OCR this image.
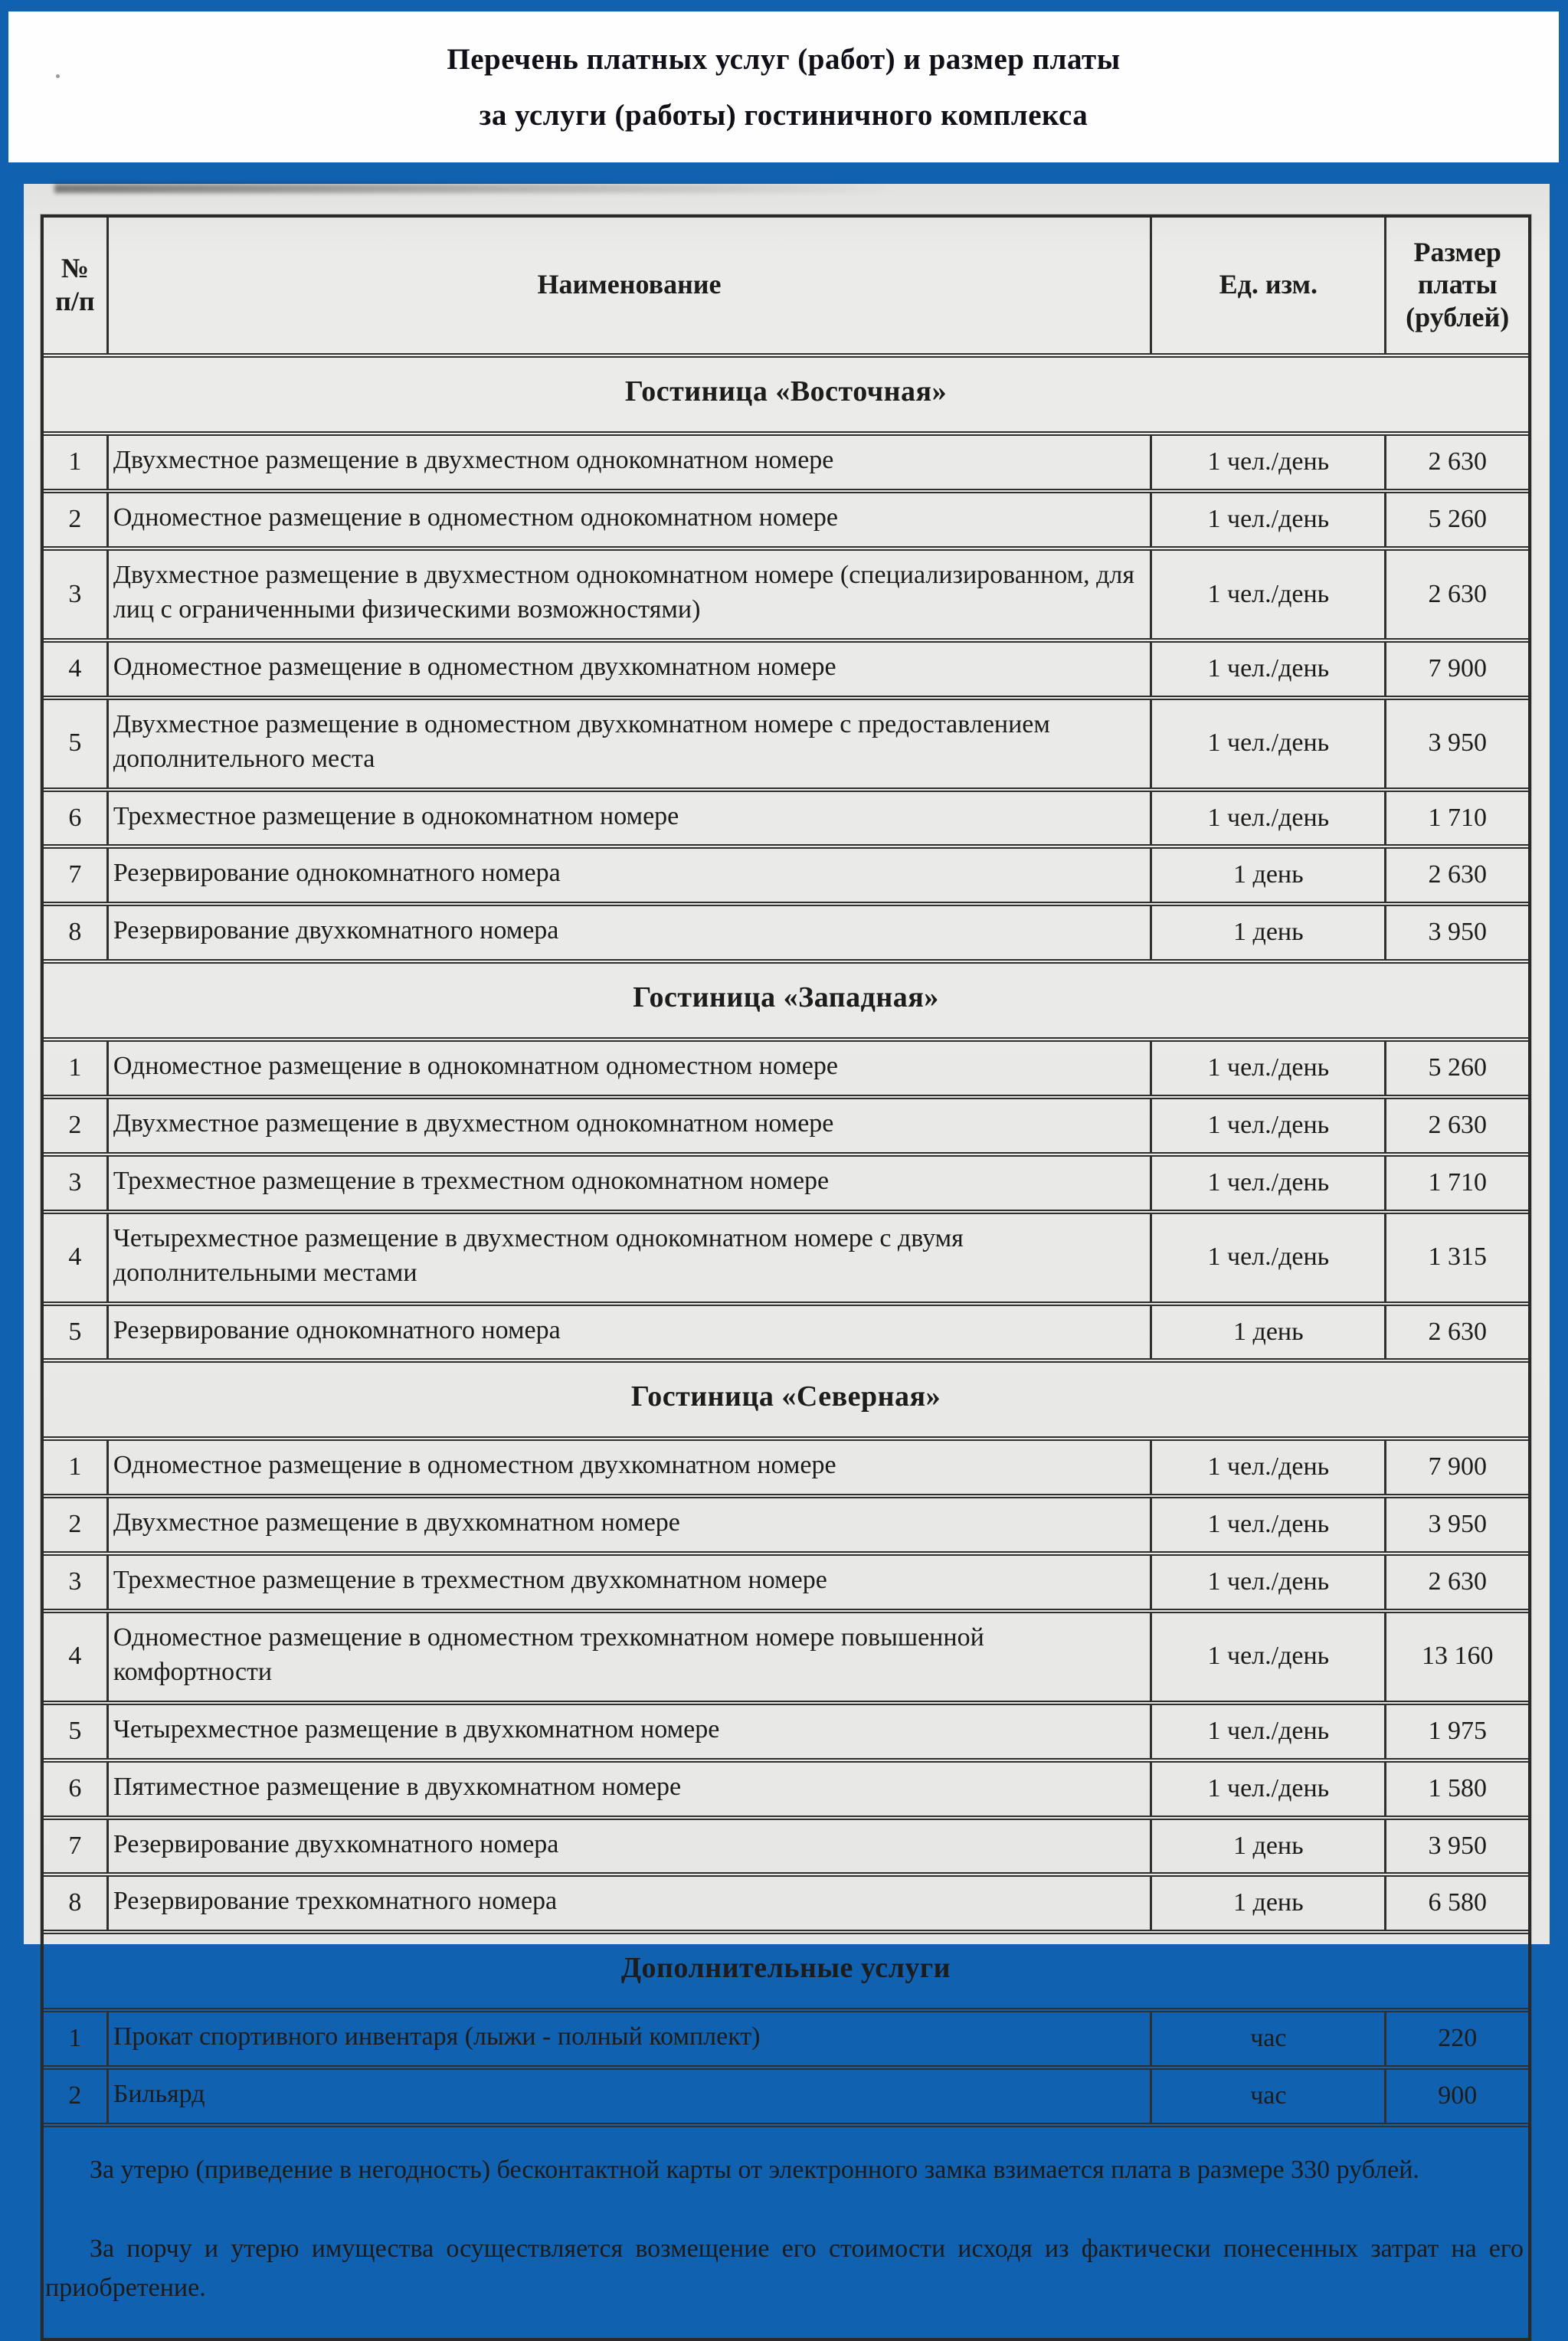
Перечень платных услуг (работ) и размер платы
за услуги (работы) гостиничного комплекса
№ п/п	Наименование	Ед. изм.	Размер платы (рублей)
Гостиница «Восточная»			
1	Двухместное размещение в двухместном однокомнатном номере	1 чел./день	2 630
2	Одноместное размещение в одноместном однокомнатном номере	1 чел./день	5 260
3	Двухместное размещение в двухместном однокомнатном номере (специализированном, для лиц с ограниченными физическими возможностями)	1 чел./день	2 630
4	Одноместное размещение в одноместном двухкомнатном номере	1 чел./день	7 900
5	Двухместное размещение в одноместном двухкомнатном номере с предоставлением дополнительного места	1 чел./день	3 950
6	Трехместное размещение в однокомнатном номере	1 чел./день	1 710
7	Резервирование однокомнатного номера	1 день	2 630
8	Резервирование двухкомнатного номера	1 день	3 950
Гостиница «Западная»			
1	Одноместное размещение в однокомнатном одноместном номере	1 чел./день	5 260
2	Двухместное размещение в двухместном однокомнатном номере	1 чел./день	2 630
3	Трехместное размещение в трехместном однокомнатном номере	1 чел./день	1 710
4	Четырехместное размещение в двухместном однокомнатном номере с двумя дополнительными местами	1 чел./день	1 315
5	Резервирование однокомнатного номера	1 день	2 630
Гостиница «Северная»			
1	Одноместное размещение в одноместном двухкомнатном номере	1 чел./день	7 900
2	Двухместное размещение в двухкомнатном номере	1 чел./день	3 950
3	Трехместное размещение в трехместном двухкомнатном номере	1 чел./день	2 630
4	Одноместное размещение в одноместном трехкомнатном номере повышенной комфортности	1 чел./день	13 160
5	Четырехместное размещение в двухкомнатном номере	1 чел./день	1 975
6	Пятиместное размещение в двухкомнатном номере	1 чел./день	1 580
7	Резервирование двухкомнатного номера	1 день	3 950
8	Резервирование трехкомнатного номера	1 день	6 580
Дополнительные услуги			
1	Прокат спортивного инвентаря (лыжи - полный комплект)	час	220
2	Бильярд	час	900

За утерю (приведение в негодность) бесконтактной карты от электронного замка взимается плата в размере 330 рублей.

За порчу и утерю имущества осуществляется возмещение его стоимости исходя из фактически понесенных затрат на его приобретение.
